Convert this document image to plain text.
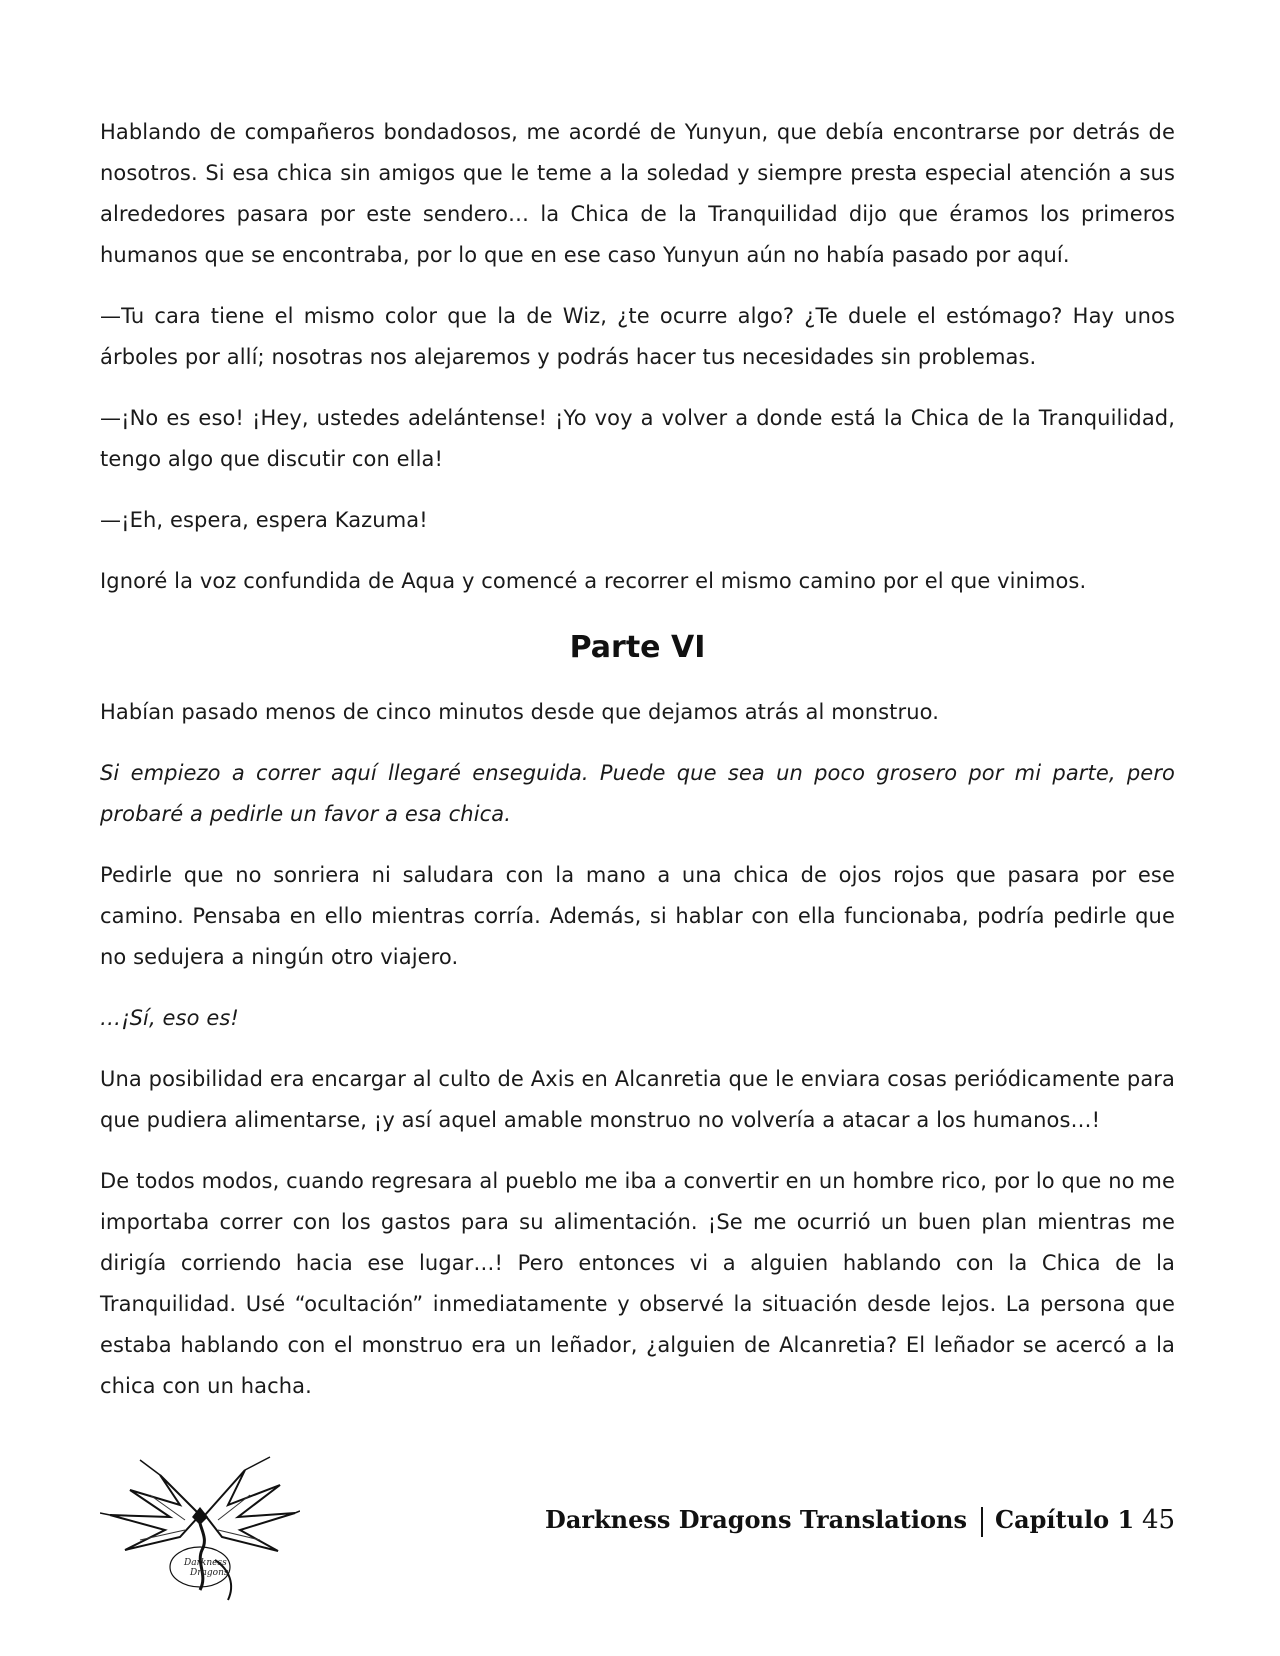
Hablando de compañeros bondadosos, me acordé de Yunyun, que debía encontrarse por detrás de nosotros. Si esa chica sin amigos que le teme a la soledad y siempre presta especial atención a sus alrededores pasara por este sendero… la Chica de la Tranquilidad dijo que éramos los primeros humanos que se encontraba, por lo que en ese caso Yunyun aún no había pasado por aquí.

—Tu cara tiene el mismo color que la de Wiz, ¿te ocurre algo? ¿Te duele el estómago? Hay unos árboles por allí; nosotras nos alejaremos y podrás hacer tus necesidades sin problemas.

—¡No es eso! ¡Hey, ustedes adelántense! ¡Yo voy a volver a donde está la Chica de la Tranquilidad, tengo algo que discutir con ella!

—¡Eh, espera, espera Kazuma!

Ignoré la voz confundida de Aqua y comencé a recorrer el mismo camino por el que vinimos.

Parte VI

Habían pasado menos de cinco minutos desde que dejamos atrás al monstruo.

Si empiezo a correr aquí llegaré enseguida. Puede que sea un poco grosero por mi parte, pero probaré a pedirle un favor a esa chica.

Pedirle que no sonriera ni saludara con la mano a una chica de ojos rojos que pasara por ese camino. Pensaba en ello mientras corría. Además, si hablar con ella funcionaba, podría pedirle que no sedujera a ningún otro viajero.

…¡Sí, eso es!

Una posibilidad era encargar al culto de Axis en Alcanretia que le enviara cosas periódicamente para que pudiera alimentarse, ¡y así aquel amable monstruo no volvería a atacar a los humanos…!

De todos modos, cuando regresara al pueblo me iba a convertir en un hombre rico, por lo que no me importaba correr con los gastos para su alimentación. ¡Se me ocurrió un buen plan mientras me dirigía corriendo hacia ese lugar…! Pero entonces vi a alguien hablando con la Chica de la Tranquilidad. Usé “ocultación” inmediatamente y observé la situación desde lejos. La persona que estaba hablando con el monstruo era un leñador, ¿alguien de Alcanretia? El leñador se acercó a la chica con un hacha.

Darkness
Dragons
Darkness Dragons Translations Capítulo 1 45
